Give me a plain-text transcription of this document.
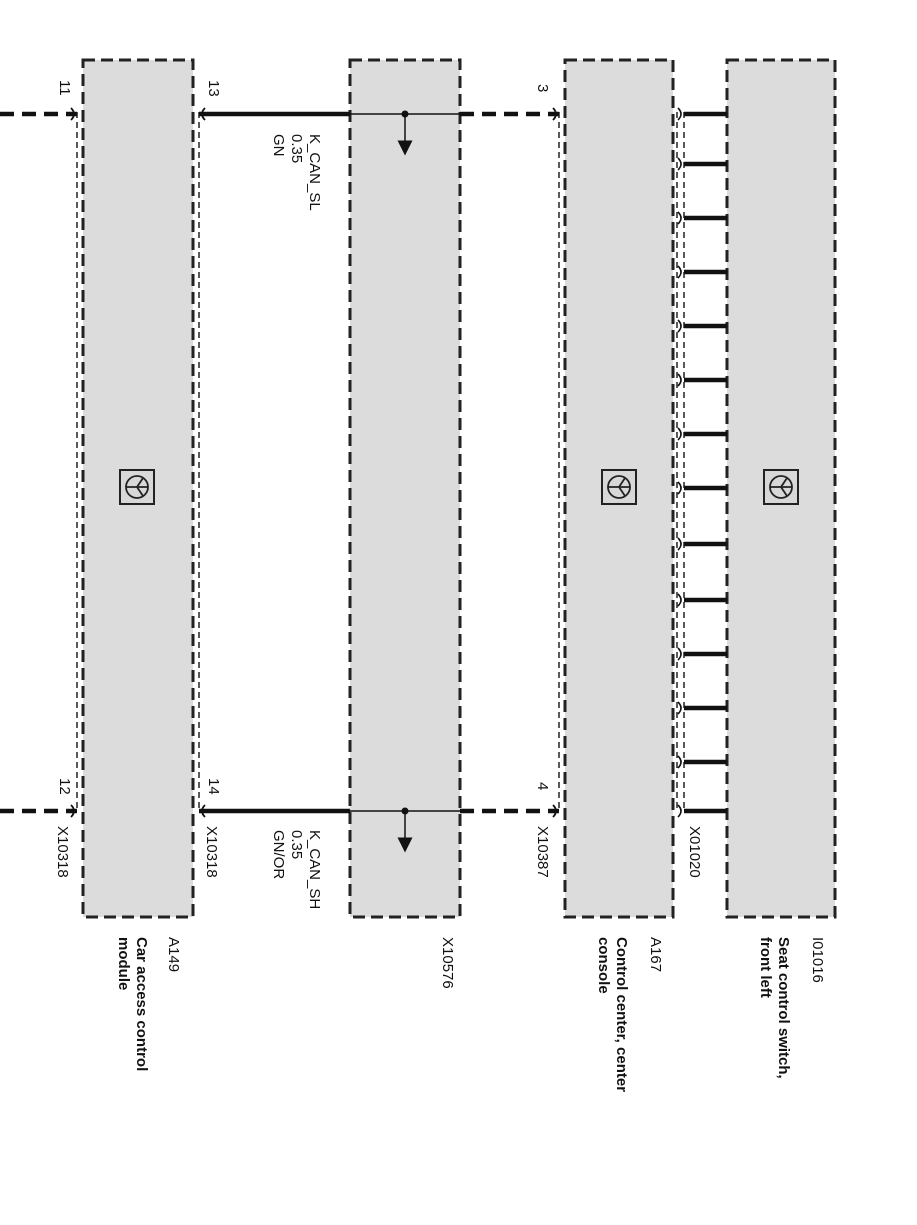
11
12
13
14
3
4
X10318	X10318	X10387	X01020
K_CAN_SL
0.35
GN
K_CAN_SH
0.35
GN/OR
A149
Car access control
module	X10576	A167
Control center, center
console	I01016
Seat control switch,
front left
